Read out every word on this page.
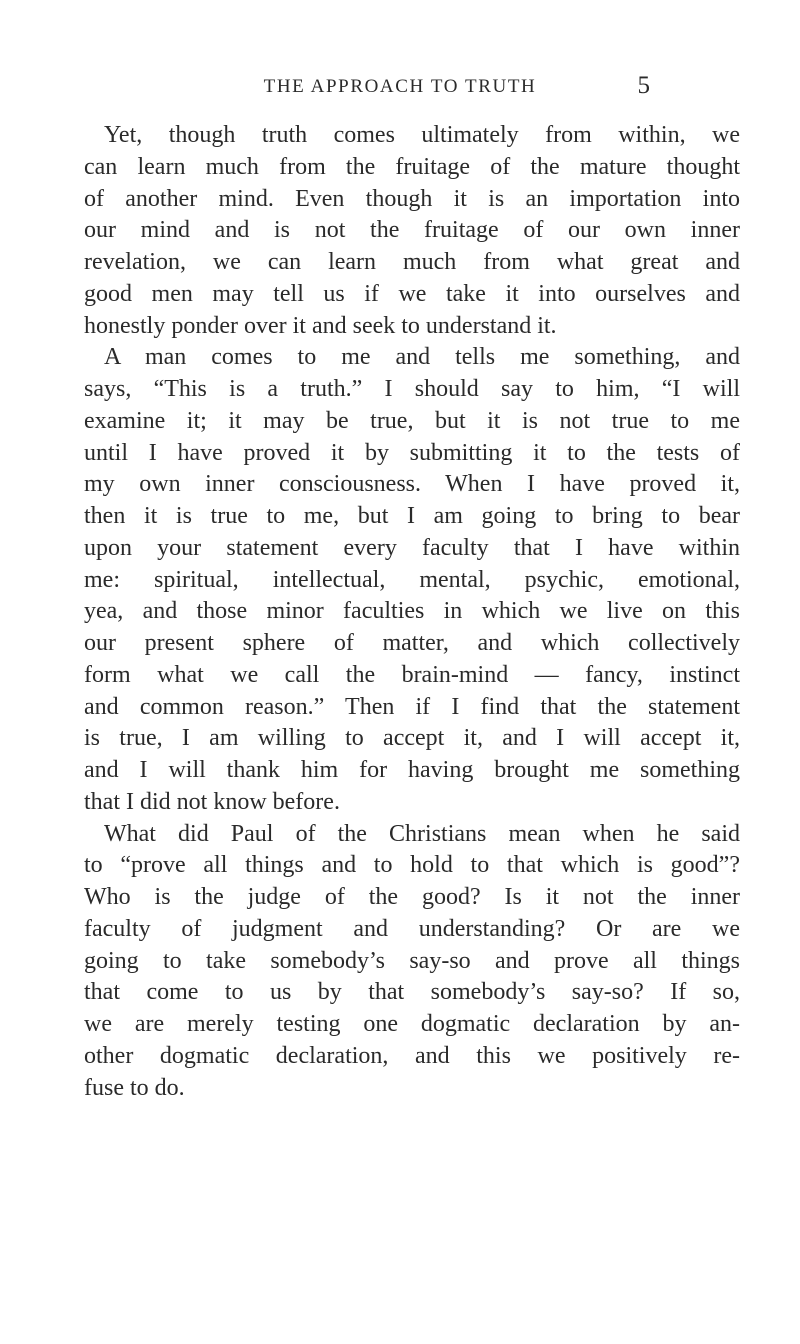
THE APPROACH TO TRUTH	5
Yet, though truth comes ultimately from within, we
can learn much from the fruitage of the mature thought
of another mind. Even though it is an importation into
our mind and is not the fruitage of our own inner
revelation, we can learn much from what great and
good men may tell us if we take it into ourselves and
honestly ponder over it and seek to understand it.
A man comes to me and tells me something, and
says, “This is a truth.” I should say to him, “I will
examine it; it may be true, but it is not true to me
until I have proved it by submitting it to the tests of
my own inner consciousness. When I have proved it,
then it is true to me, but I am going to bring to bear
upon your statement every faculty that I have within
me: spiritual, intellectual, mental, psychic, emotional,
yea, and those minor faculties in which we live on this
our present sphere of matter, and which collectively
form what we call the brain-mind — fancy, instinct
and common reason.” Then if I find that the statement
is true, I am willing to accept it, and I will accept it,
and I will thank him for having brought me something
that I did not know before.
What did Paul of the Christians mean when he said
to “prove all things and to hold to that which is good”?
Who is the judge of the good? Is it not the inner
faculty of judgment and understanding? Or are we
going to take somebody’s say-so and prove all things
that come to us by that somebody’s say-so? If so,
we are merely testing one dogmatic declaration by an-
other dogmatic declaration, and this we positively re-
fuse to do.
